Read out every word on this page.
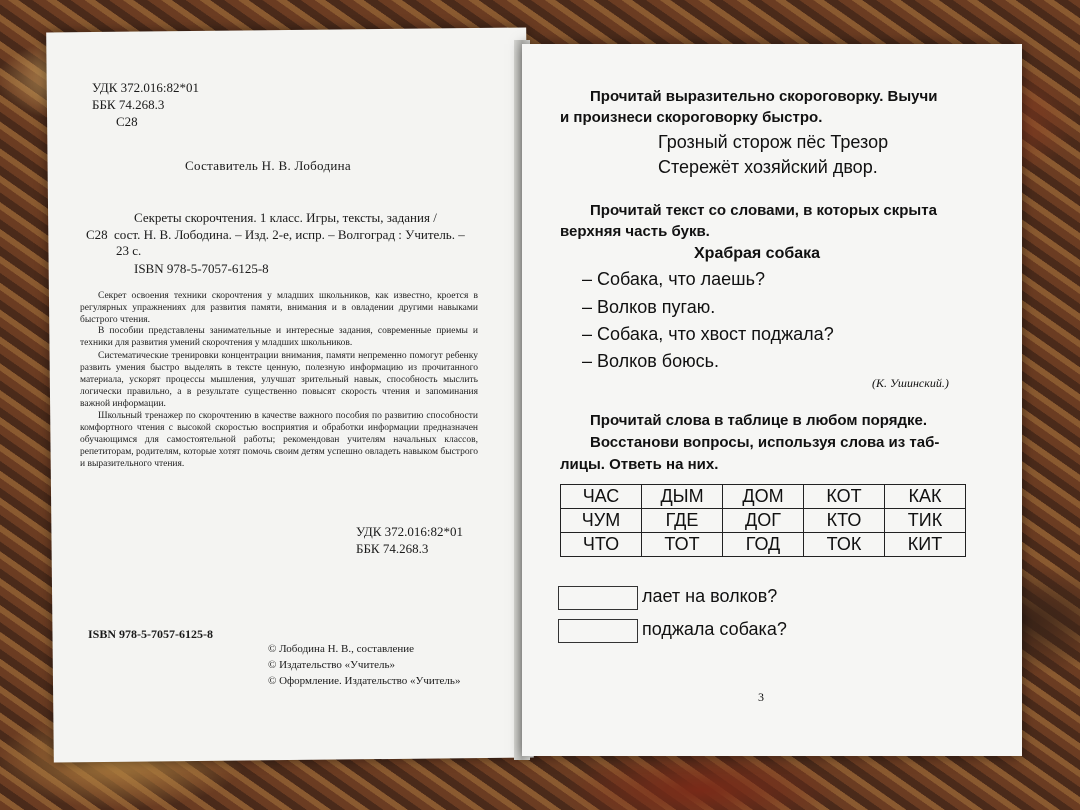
УДК 372.016:82*01
ББК 74.268.3
С28
Составитель Н. В. Лободина
Секреты скорочтения. 1 класс. Игры, тексты, задания /
С28 сост. Н. В. Лободина. – Изд. 2-е, испр. – Волгоград : Учитель. –
23 с.
ISBN 978-5-7057-6125-8
Секрет освоения техники скорочтения у младших школьников, как известно, кроется в регулярных упражнениях для развития памяти, внимания и в овладении другими навыками быстрого чтения.
В пособии представлены занимательные и интересные задания, современные приемы и техники для развития умений скорочтения у младших школьников.
Систематические тренировки концентрации внимания, памяти непременно помогут ребенку развить умения быстро выделять в тексте ценную, полезную информацию из прочитанного материала, ускорят процессы мышления, улучшат зрительный навык, способность мыслить логически правильно, а в результате существенно повысят скорость чтения и запоминания важной информации.
Школьный тренажер по скорочтению в качестве важного пособия по развитию способности комфортного чтения с высокой скоростью восприятия и обработки информации предназначен обучающимся для самостоятельной работы; рекомендован учителям начальных классов, репетиторам, родителям, которые хотят помочь своим детям успешно овладеть навыком быстрого и выразительного чтения.
УДК 372.016:82*01
ББК 74.268.3
ISBN 978-5-7057-6125-8
© Лободина Н. В., составление
© Издательство «Учитель»
© Оформление. Издательство «Учитель»
Прочитай выразительно скороговорку. Выучи
и произнеси скороговорку быстро.
Грозный сторож пёс Трезор
Стережёт хозяйский двор.
Прочитай текст со словами, в которых скрыта
верхняя часть букв.
Храбрая собака
– Собака, что лаешь?
– Волков пугаю.
– Собака, что хвост поджала?
– Волков боюсь.
(К. Ушинский.)
Прочитай слова в таблице в любом порядке.
Восстанови вопросы, используя слова из таб-
лицы. Ответь на них.
ЧАС	ДЫМ	ДОМ	КОТ	КАК
ЧУМ	ГДЕ	ДОГ	КТО	ТИК
ЧТО	ТОТ	ГОД	ТОК	КИТ
лает на волков?
поджала собака?
3
